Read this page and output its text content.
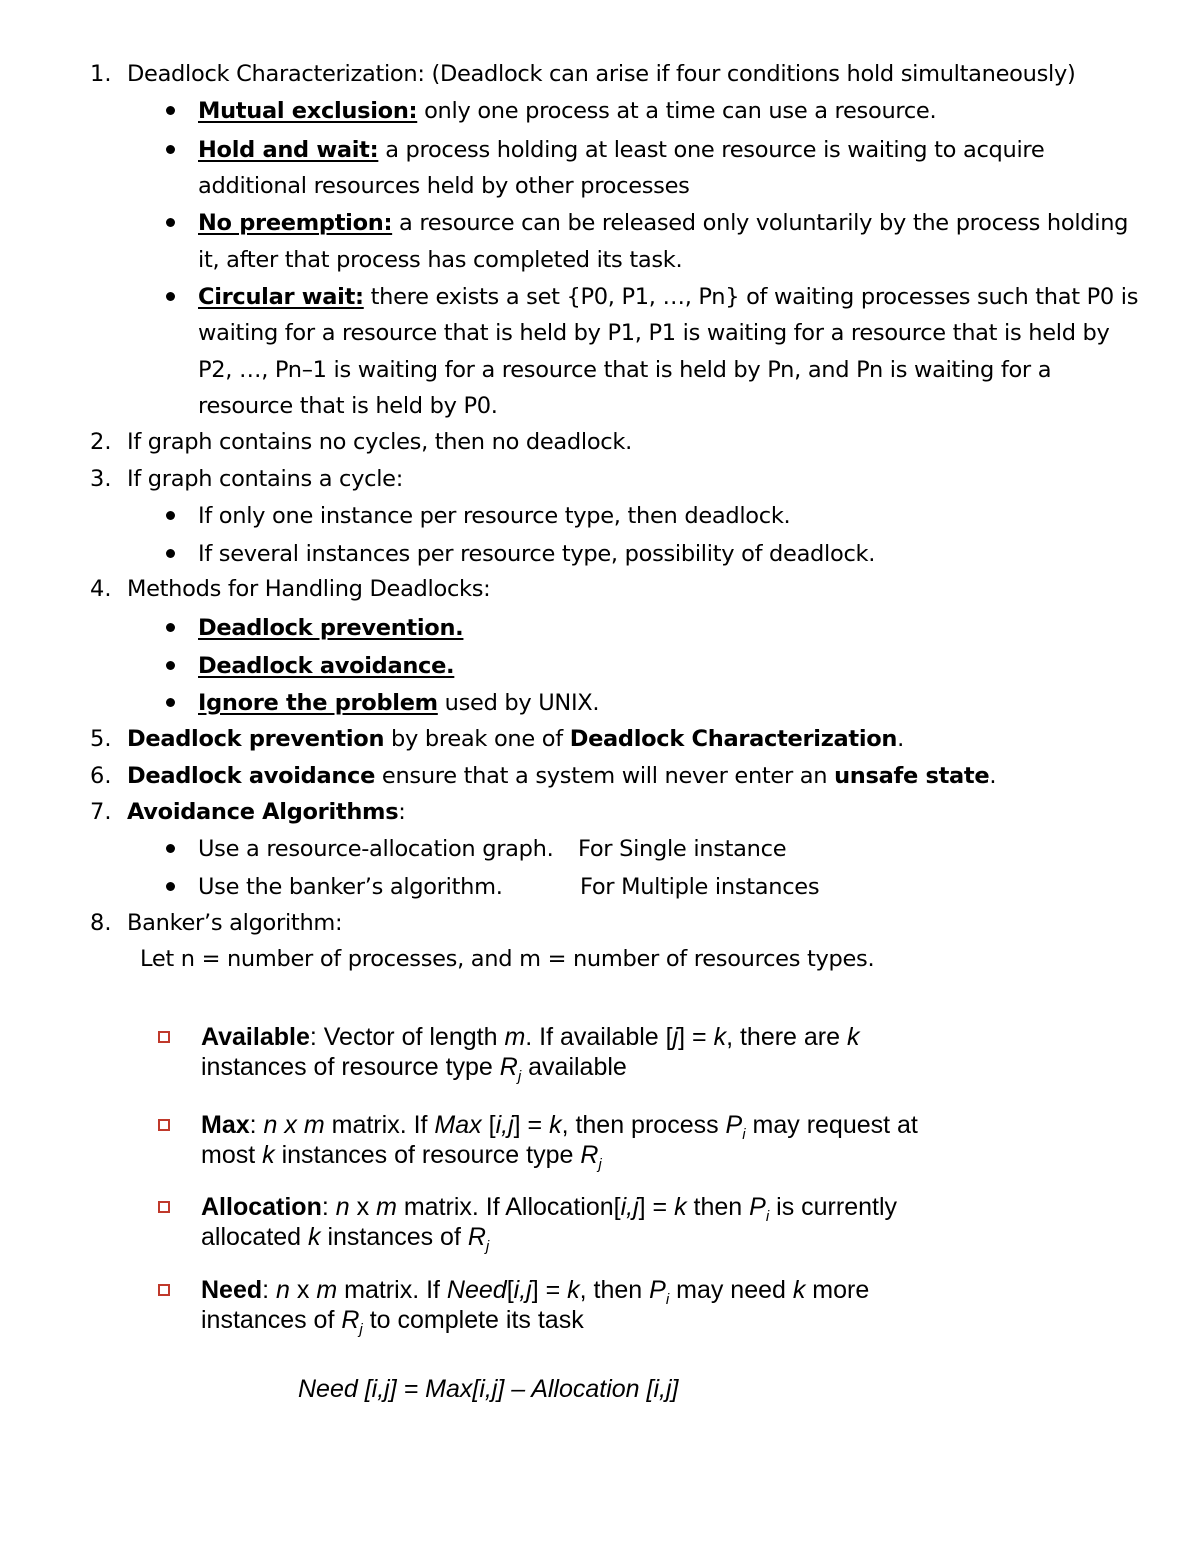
1. Deadlock Characterization: (Deadlock can arise if four conditions hold simultaneously)
Mutual exclusion: only one process at a time can use a resource.
Hold and wait: a process holding at least one resource is waiting to acquire
additional resources held by other processes
No preemption: a resource can be released only voluntarily by the process holding
it, after that process has completed its task.
Circular wait: there exists a set {P0, P1, …, Pn} of waiting processes such that P0 is
waiting for a resource that is held by P1, P1 is waiting for a resource that is held by
P2, …, Pn–1 is waiting for a resource that is held by Pn, and Pn is waiting for a
resource that is held by P0.
2. If graph contains no cycles, then no deadlock.
3. If graph contains a cycle:
If only one instance per resource type, then deadlock.
If several instances per resource type, possibility of deadlock.
4. Methods for Handling Deadlocks:
Deadlock prevention.
Deadlock avoidance.
Ignore the problem used by UNIX.
5. Deadlock prevention by break one of Deadlock Characterization.
6. Deadlock avoidance ensure that a system will never enter an unsafe state.
7. Avoidance Algorithms:
Use a resource-allocation graph. For Single instance
Use the banker’s algorithm.	For Multiple instances
8. Banker’s algorithm:
Let n = number of processes, and m = number of resources types.
Available: Vector of length m. If available [j] = k, there are k
instances of resource type $R_j$ available
Max: n x m matrix. If Max [i,j] = k, then process $P_i$ may request at
most k instances of resource type $R_j$
Allocation: n x m matrix. If Allocation[i,j] = k then $P_i$ is currently
allocated k instances of $R_j$
Need: n x m matrix. If Need[i,j] = k, then $P_i$ may need k more
instances of $R_j$ to complete its task
Need [i,j] = Max[i,j] – Allocation [i,j]
